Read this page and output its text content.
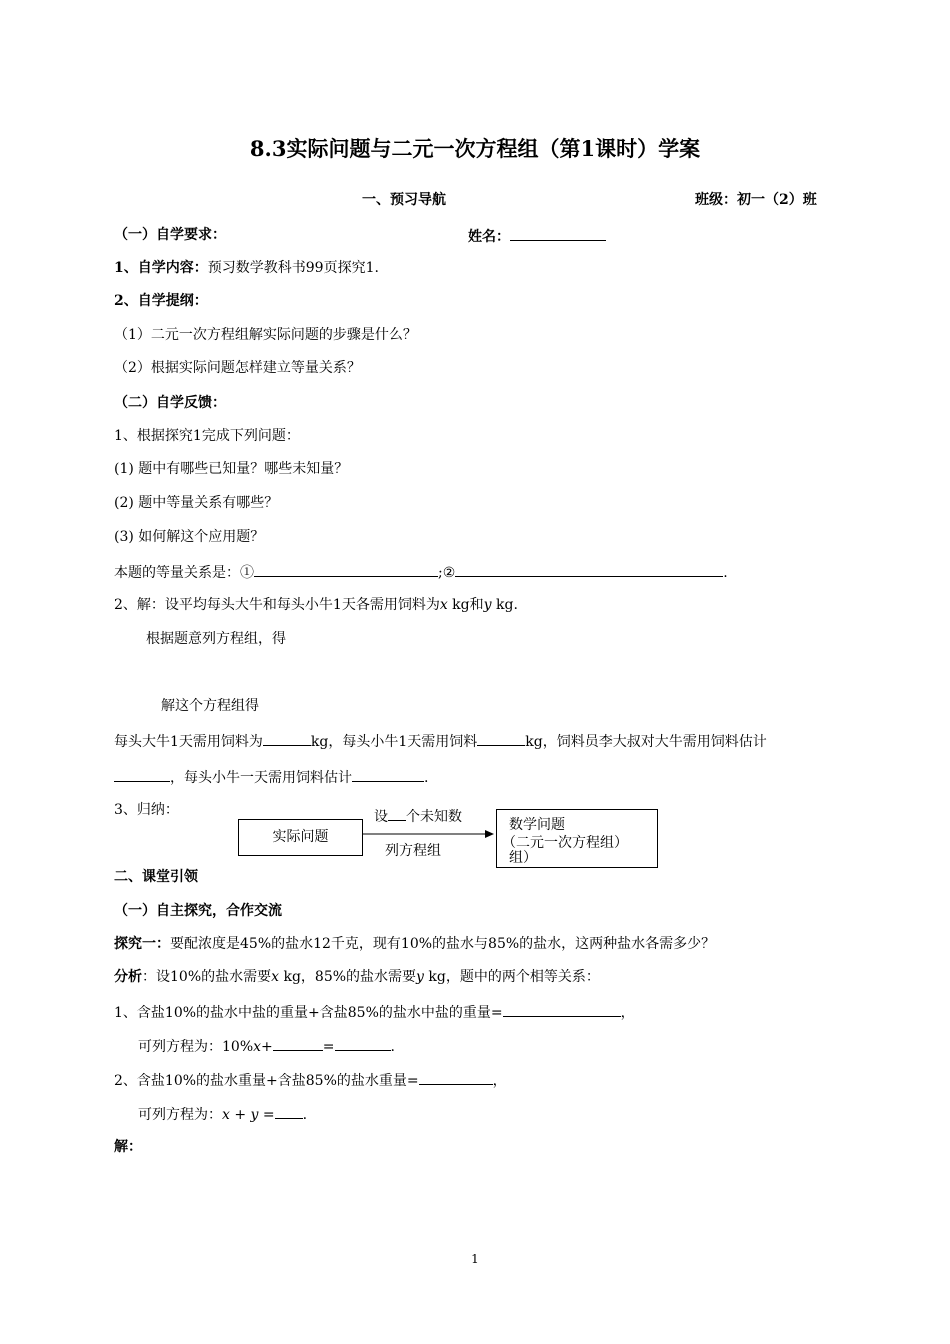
8.3实际问题与二元一次方程组（第1课时）学案
一、预习导航	班级：初一（2）班
（一）自学要求：	姓名：
1、自学内容：预习数学教科书99页探究1.
2、自学提纲：
（1）二元一次方程组解实际问题的步骤是什么？
（2）根据实际问题怎样建立等量关系？
（二）自学反馈：
1、根据探究1完成下列问题：
(1) 题中有哪些已知量？哪些未知量？
(2) 题中等量关系有哪些？
(3) 如何解这个应用题？
本题的等量关系是：①	;②	.
2、解：设平均每头大牛和每头小牛1天各需用饲料为x kg和y kg.
根据题意列方程组，得
解这个方程组得
每头大牛1天需用饲料为	kg，每头小牛1天需用饲料	kg，饲料员李大叔对大牛需用饲料估计
，每头小牛一天需用饲料估计	.
3、归纳：
实际问题
设 个未知数
列方程组
数学问题
（二元一次方程组）
组）
二、课堂引领
（一）自主探究，合作交流
探究一：要配浓度是45%的盐水12千克，现有10%的盐水与85%的盐水，这两种盐水各需多少？
分析：设10%的盐水需要x kg，85%的盐水需要y kg，题中的两个相等关系：
1、含盐10%的盐水中盐的重量+含盐85%的盐水中盐的重量=	，
可列方程为：10%x+	=	.
2、含盐10%的盐水重量+含盐85%的盐水重量=	，
可列方程为：x + y = .
解：
1
